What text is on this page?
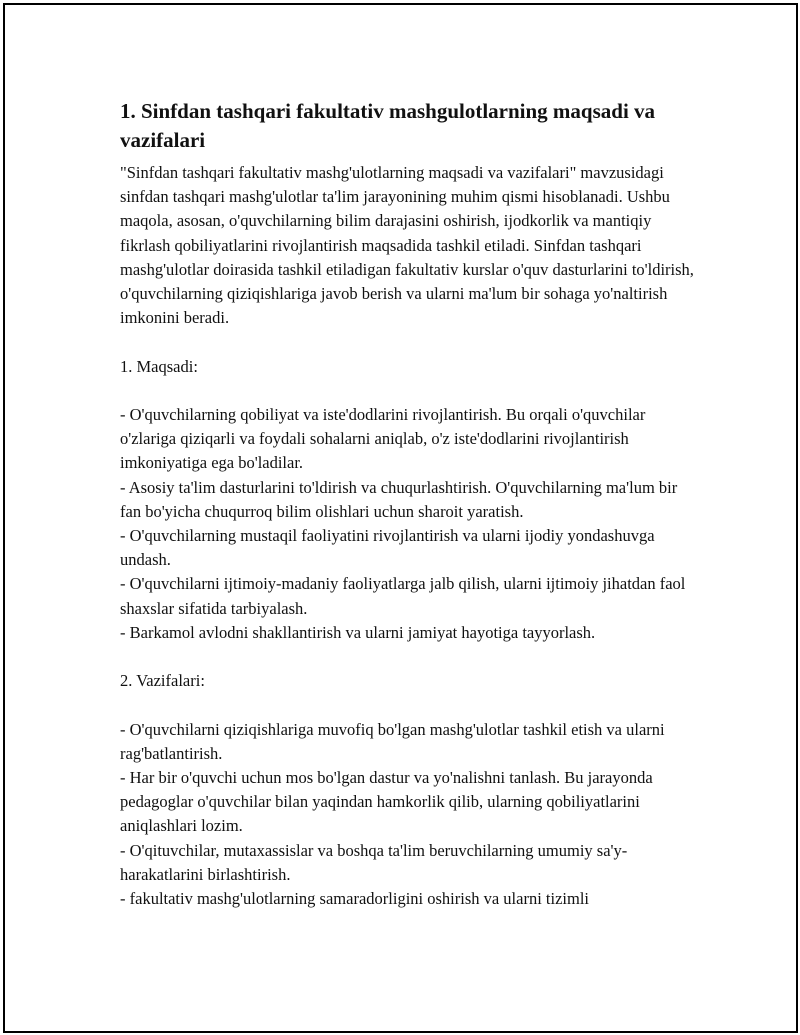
1. Sinfdan tashqari fakultativ mashgulotlarning maqsadi va vazifalari

"Sinfdan tashqari fakultativ mashg'ulotlarning maqsadi va vazifalari" mavzusidagi sinfdan tashqari mashg'ulotlar ta'lim jarayonining muhim qismi hisoblanadi. Ushbu maqola, asosan, o'quvchilarning bilim darajasini oshirish, ijodkorlik va mantiqiy fikrlash qobiliyatlarini rivojlantirish maqsadida tashkil etiladi. Sinfdan tashqari mashg'ulotlar doirasida tashkil etiladigan fakultativ kurslar o'quv dasturlarini to'ldirish, o'quvchilarning qiziqishlariga javob berish va ularni ma'lum bir sohaga yo'naltirish imkonini beradi.

1. Maqsadi:

- O'quvchilarning qobiliyat va iste'dodlarini rivojlantirish. Bu orqali o'quvchilar o'zlariga qiziqarli va foydali sohalarni aniqlab, o'z iste'dodlarini rivojlantirish imkoniyatiga ega bo'ladilar.

- Asosiy ta'lim dasturlarini to'ldirish va chuqurlashtirish. O'quvchilarning ma'lum bir fan bo'yicha chuqurroq bilim olishlari uchun sharoit yaratish.

- O'quvchilarning mustaqil faoliyatini rivojlantirish va ularni ijodiy yondashuvga undash.

- O'quvchilarni ijtimoiy-madaniy faoliyatlarga jalb qilish, ularni ijtimoiy jihatdan faol shaxslar sifatida tarbiyalash.

- Barkamol avlodni shakllantirish va ularni jamiyat hayotiga tayyorlash.

2. Vazifalari:

- O'quvchilarni qiziqishlariga muvofiq bo'lgan mashg'ulotlar tashkil etish va ularni rag'batlantirish.

- Har bir o'quvchi uchun mos bo'lgan dastur va yo'nalishni tanlash. Bu jarayonda pedagoglar o'quvchilar bilan yaqindan hamkorlik qilib, ularning qobiliyatlarini aniqlashlari lozim.

- O'qituvchilar, mutaxassislar va boshqa ta'lim beruvchilarning umumiy sa'y-harakatlarini birlashtirish.

- fakultativ mashg'ulotlarning samaradorligini oshirish va ularni tizimli
